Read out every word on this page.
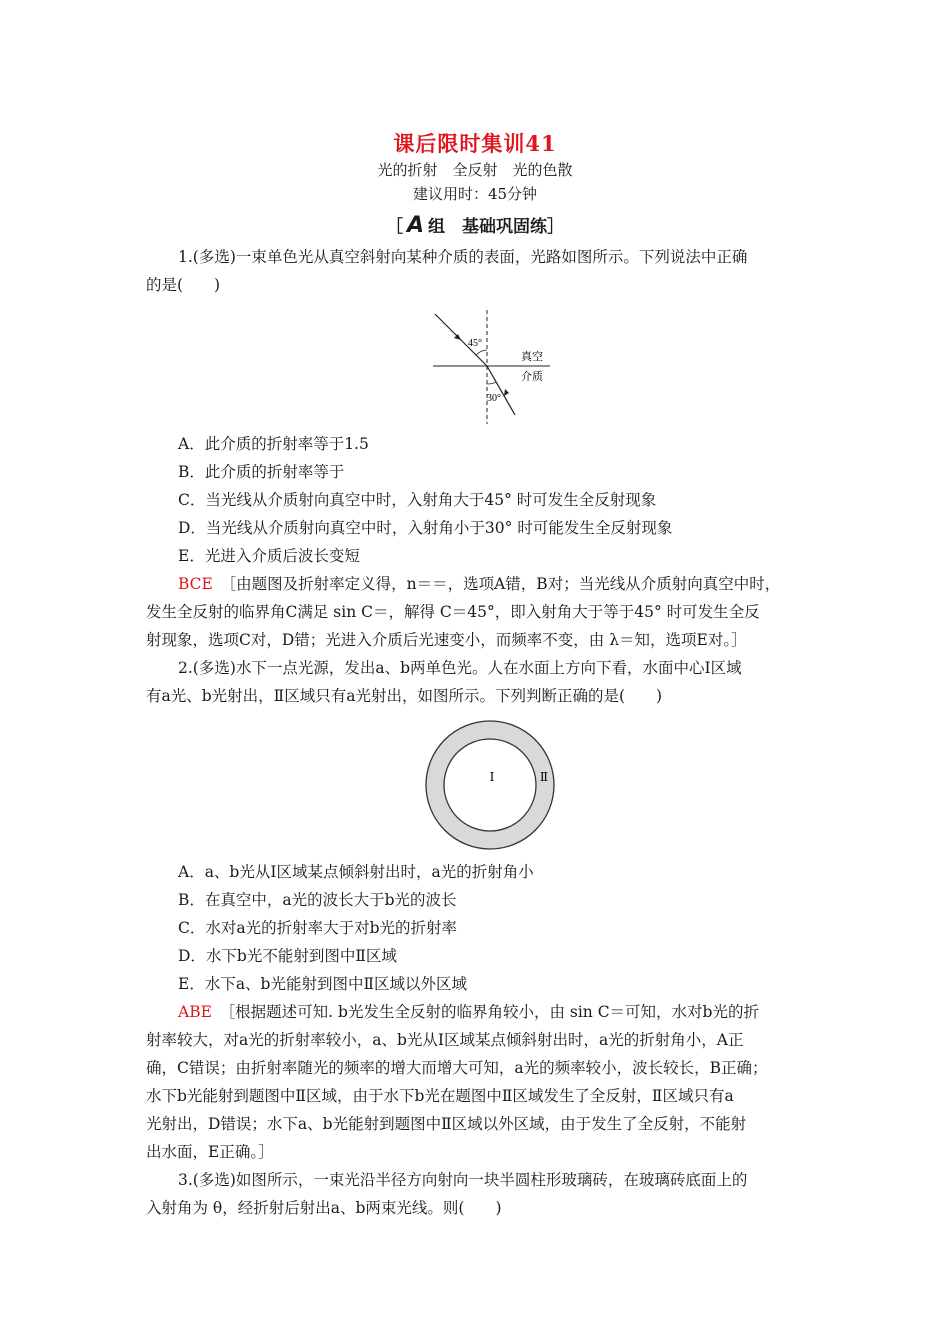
课后限时集训41
光的折射　全反射　光的色散
建议用时：45分钟
［ A 组　基础巩固练］
1.(多选)一束单色光从真空斜射向某种介质的表面，光路如图所示。下列说法中正确
的是(　　)
45°
30°
真空
介质
A．此介质的折射率等于1.5
B．此介质的折射率等于
C．当光线从介质射向真空中时，入射角大于45° 时可发生全反射现象
D．当光线从介质射向真空中时，入射角小于30° 时可能发生全反射现象
E．光进入介质后波长变短
BCE　 ［由题图及折射率定义得，n＝＝，选项A错，B对；当光线从介质射向真空中时，
发生全反射的临界角C满足 sin C＝，解得 C＝45°，即入射角大于等于45° 时可发生全反
射现象，选项C对，D错；光进入介质后光速变小，而频率不变，由 λ＝知，选项E对。］
2.(多选)水下一点光源，发出a、b两单色光。人在水面上方向下看，水面中心Ⅰ区域
有a光、b光射出，Ⅱ区域只有a光射出，如图所示。下列判断正确的是(　　)
Ⅰ	Ⅱ
A．a、b光从Ⅰ区域某点倾斜射出时，a光的折射角小
B．在真空中，a光的波长大于b光的波长
C．水对a光的折射率大于对b光的折射率
D．水下b光不能射到图中Ⅱ区域
E．水下a、b光能射到图中Ⅱ区域以外区域
ABE　 ［根据题述可知. b光发生全反射的临界角较小，由 sin C＝可知，水对b光的折
射率较大，对a光的折射率较小，a、b光从Ⅰ区域某点倾斜射出时，a光的折射角小，A正
确，C错误；由折射率随光的频率的增大而增大可知，a光的频率较小，波长较长，B正确；
水下b光能射到题图中Ⅱ区域，由于水下b光在题图中Ⅱ区域发生了全反射，Ⅱ区域只有a
光射出，D错误；水下a、b光能射到题图中Ⅱ区域以外区域，由于发生了全反射，不能射
出水面，E正确。］
3.(多选)如图所示，一束光沿半径方向射向一块半圆柱形玻璃砖，在玻璃砖底面上的
入射角为 θ，经折射后射出a、b两束光线。则(　　)
